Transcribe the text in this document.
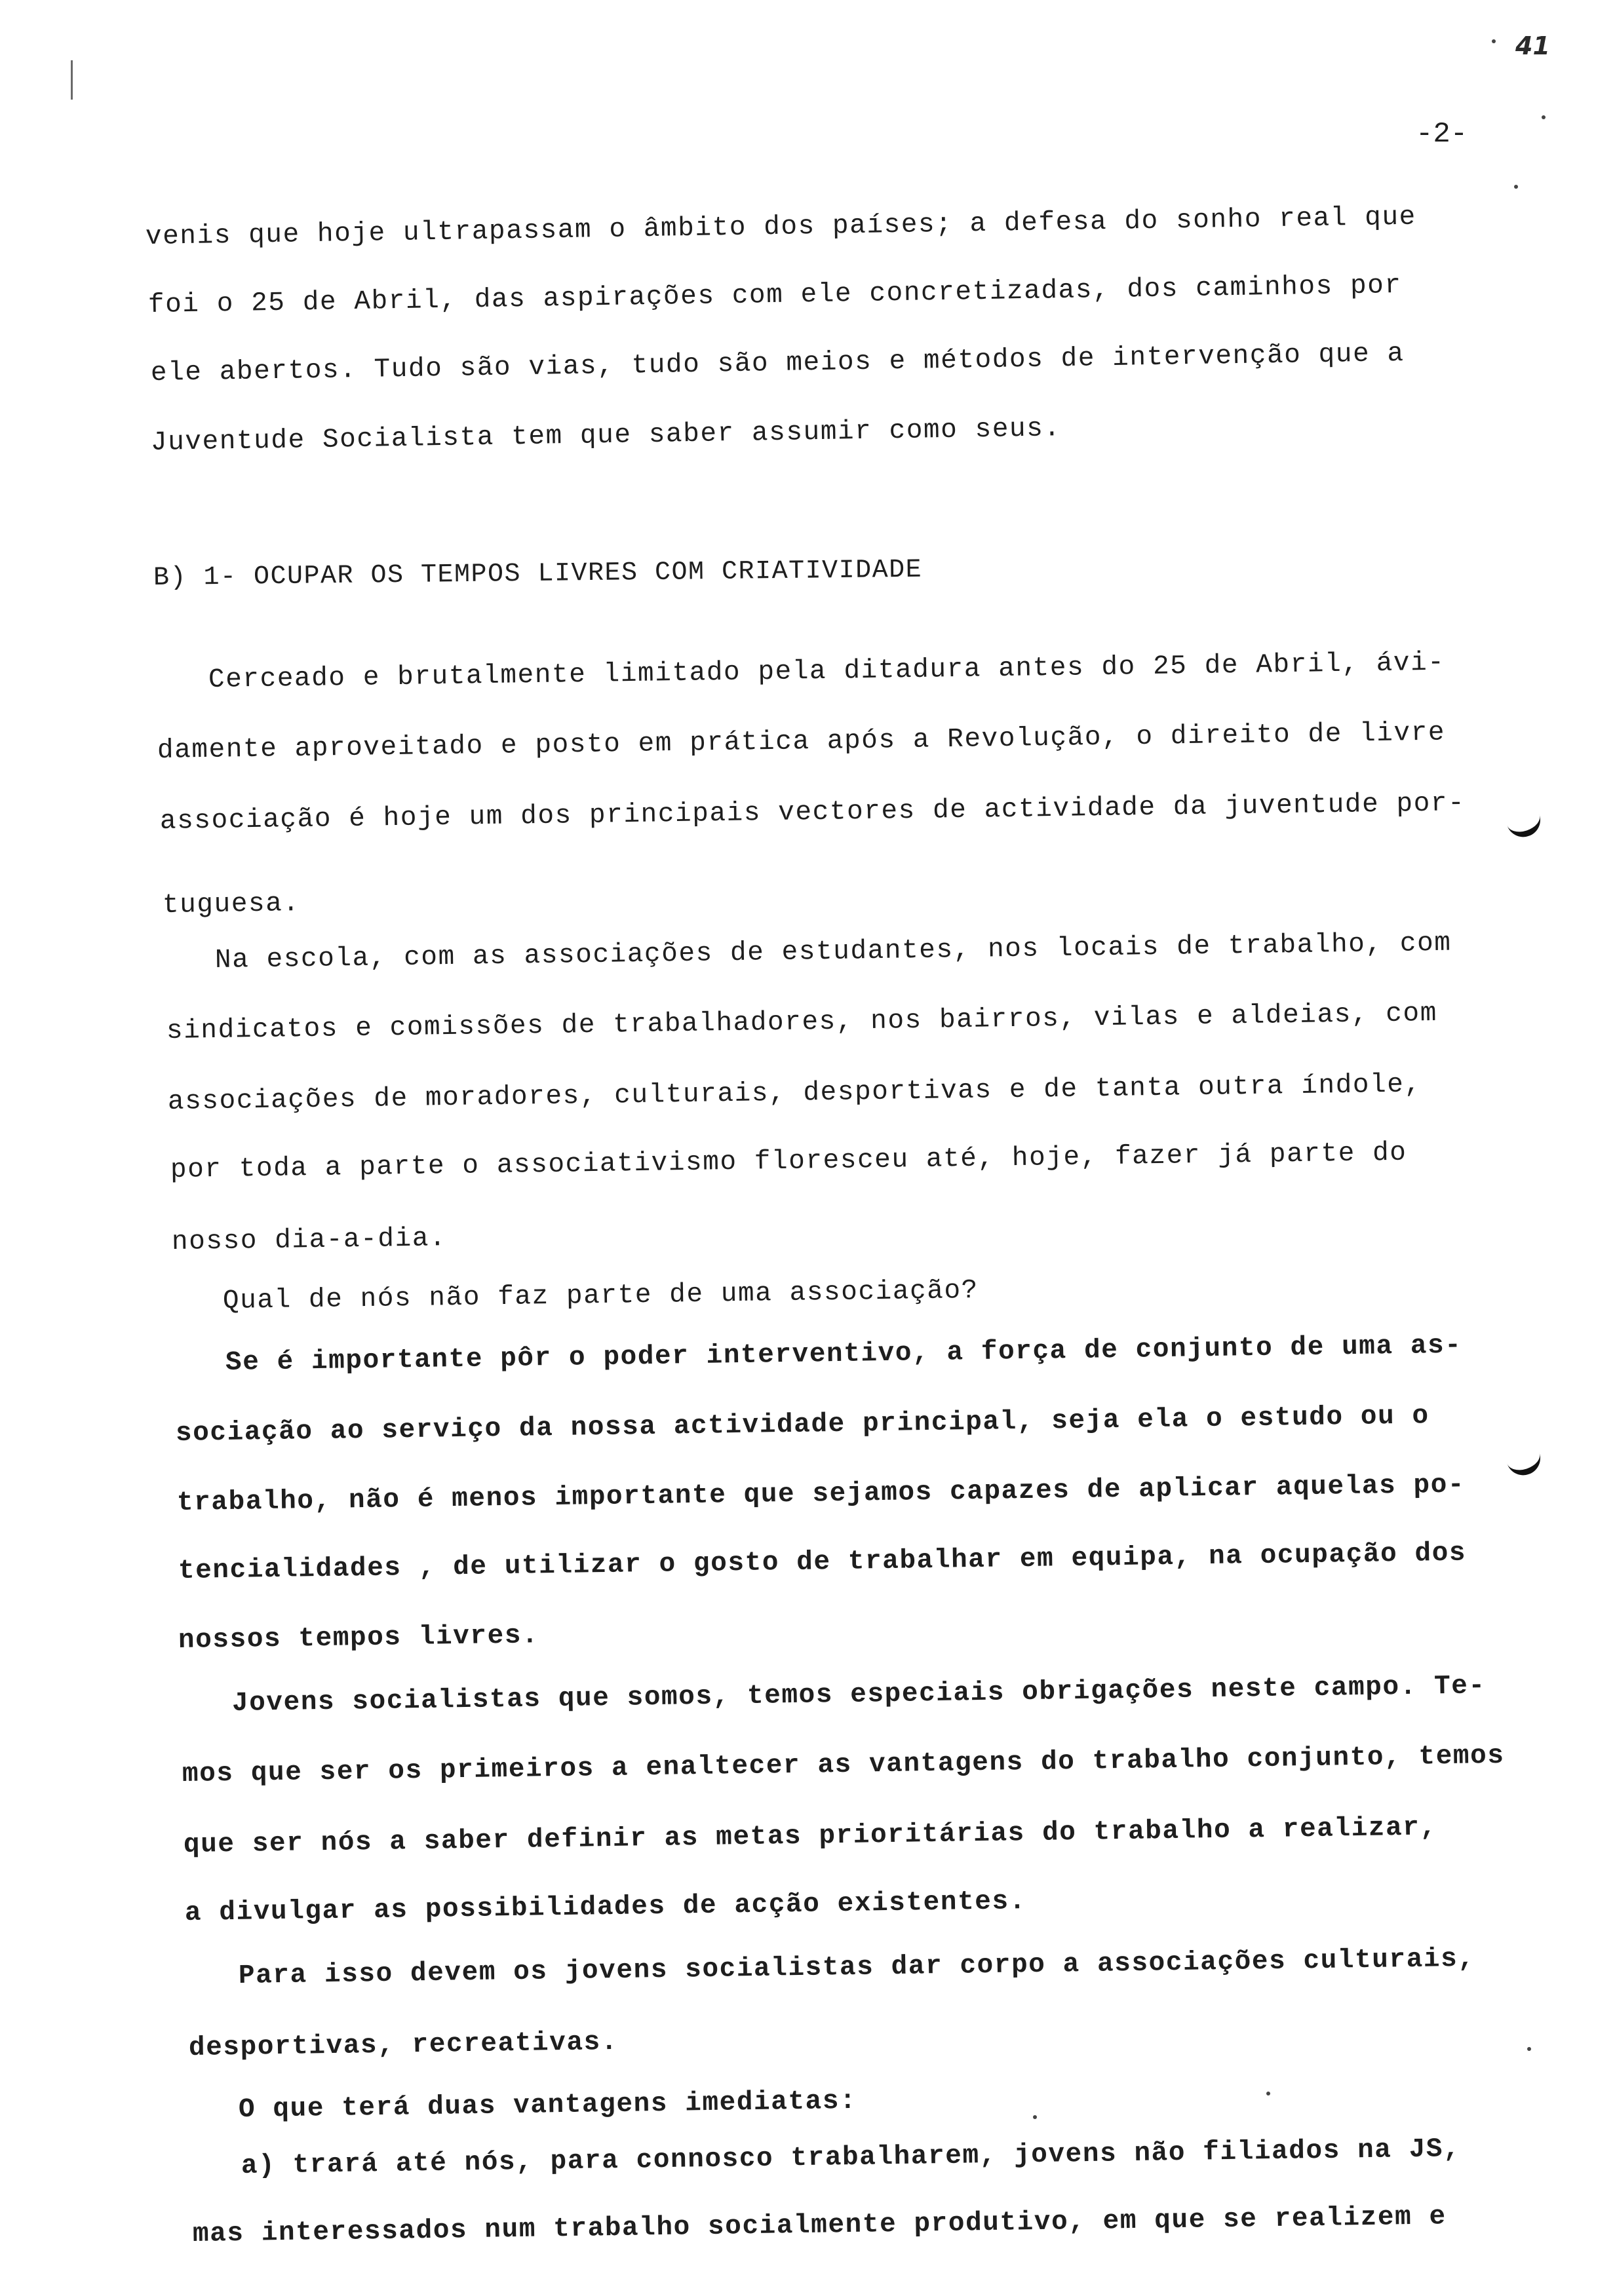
41
-2-
venis que hoje ultrapassam o âmbito dos países; a defesa do sonho real que
foi o 25 de Abril, das aspirações com ele concretizadas, dos caminhos por
ele abertos. Tudo são vias, tudo são meios e métodos de intervenção que a
Juventude Socialista tem que saber assumir como seus.
B) 1- OCUPAR OS TEMPOS LIVRES COM CRIATIVIDADE
Cerceado e brutalmente limitado pela ditadura antes do 25 de Abril, ávi-
damente aproveitado e posto em prática após a Revolução, o direito de livre
associação é hoje um dos principais vectores de actividade da juventude por-
tuguesa.
Na escola, com as associações de estudantes, nos locais de trabalho, com
sindicatos e comissões de trabalhadores, nos bairros, vilas e aldeias, com
associações de moradores, culturais, desportivas e de tanta outra índole,
por toda a parte o associativismo floresceu até, hoje, fazer já parte do
nosso dia-a-dia.
Qual de nós não faz parte de uma associação?
Se é importante pôr o poder interventivo, a força de conjunto de uma as-
sociação ao serviço da nossa actividade principal, seja ela o estudo ou o
trabalho, não é menos importante que sejamos capazes de aplicar aquelas po-
tencialidades , de utilizar o gosto de trabalhar em equipa, na ocupação dos
nossos tempos livres.
Jovens socialistas que somos, temos especiais obrigações neste campo. Te-
mos que ser os primeiros a enaltecer as vantagens do trabalho conjunto, temos
que ser nós a saber definir as metas prioritárias do trabalho a realizar,
a divulgar as possibilidades de acção existentes.
Para isso devem os jovens socialistas dar corpo a associações culturais,
desportivas, recreativas.
O que terá duas vantagens imediatas:
a) trará até nós, para connosco trabalharem, jovens não filiados na JS,
mas interessados num trabalho socialmente produtivo, em que se realizem e
